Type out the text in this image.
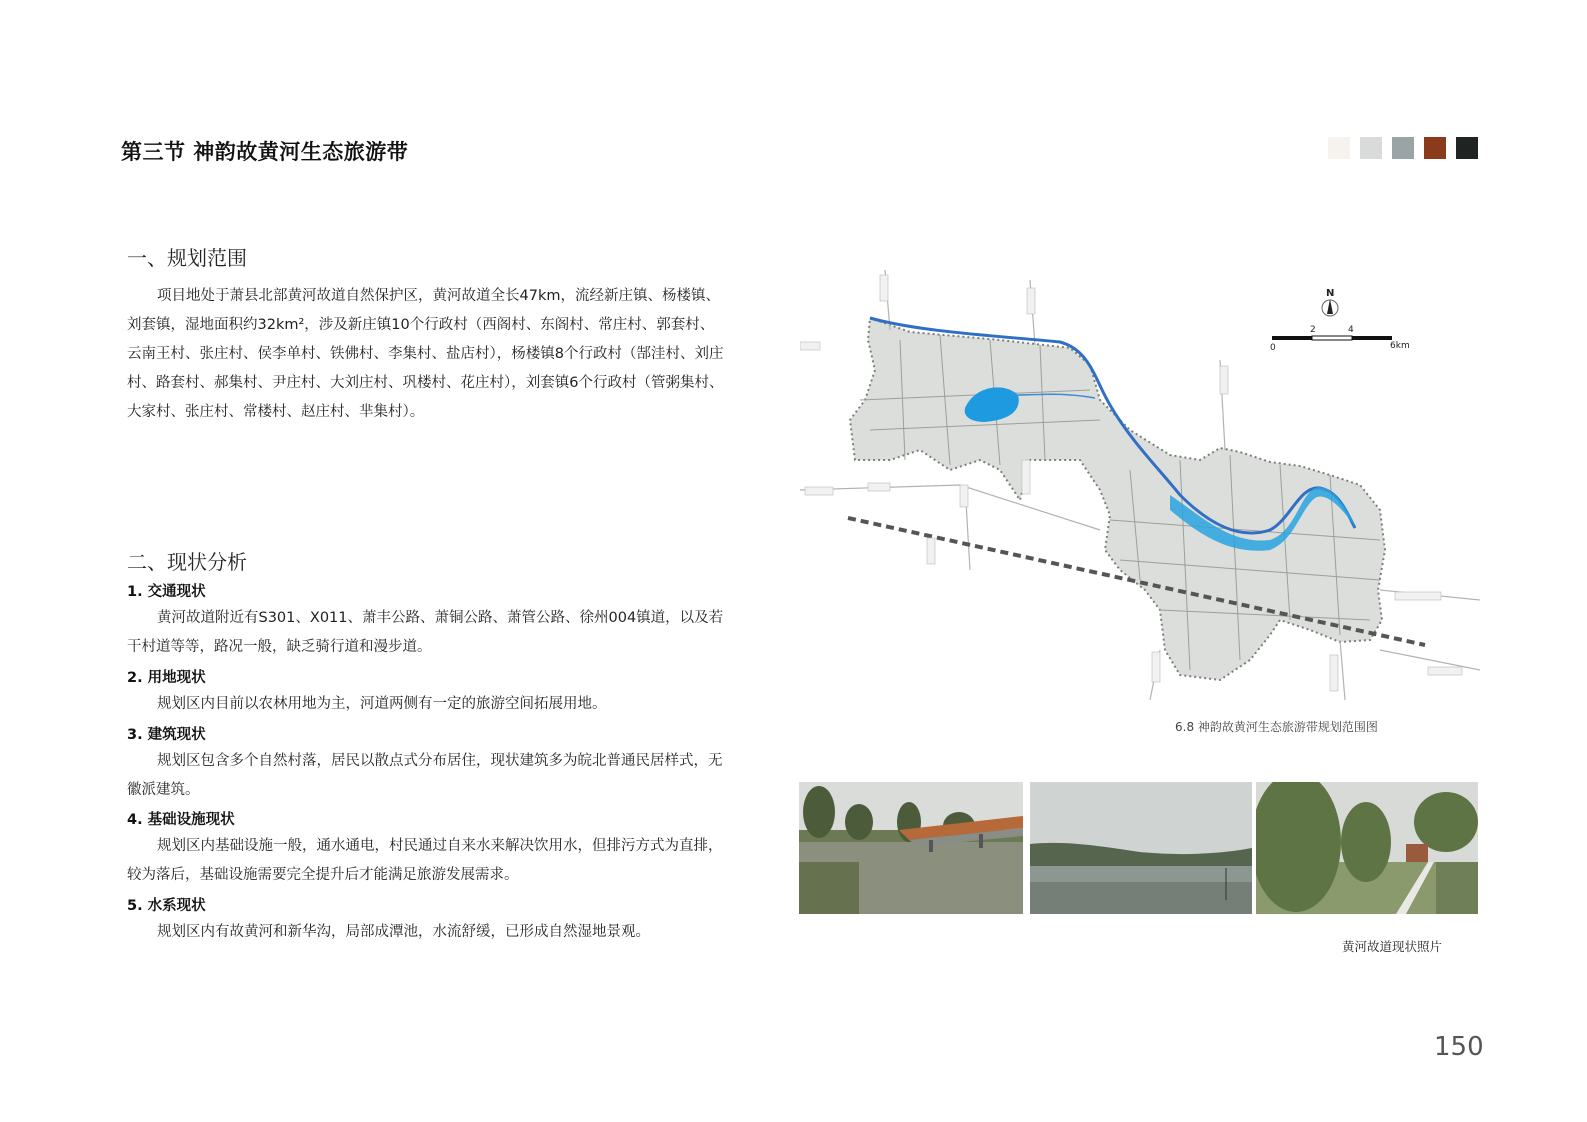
第三节 神韵故黄河生态旅游带
一、规划范围
项目地处于萧县北部黄河故道自然保护区，黄河故道全长47km，流经新庄镇、杨楼镇、刘套镇，湿地面积约32km²，涉及新庄镇10个行政村（西阁村、东阁村、常庄村、郭套村、云南王村、张庄村、侯李单村、铁佛村、李集村、盐店村），杨楼镇8个行政村（郜洼村、刘庄村、路套村、郝集村、尹庄村、大刘庄村、巩楼村、花庄村），刘套镇6个行政村（管粥集村、大家村、张庄村、常楼村、赵庄村、芈集村）。
二、现状分析
1. 交通现状
黄河故道附近有S301、X011、萧丰公路、萧铜公路、萧管公路、徐州004镇道，以及若干村道等等，路况一般，缺乏骑行道和漫步道。
2. 用地现状
规划区内目前以农林用地为主，河道两侧有一定的旅游空间拓展用地。
3. 建筑现状
规划区包含多个自然村落，居民以散点式分布居住，现状建筑多为皖北普通民居样式，无徽派建筑。
4. 基础设施现状
规划区内基础设施一般，通水通电，村民通过自来水来解决饮用水，但排污方式为直排，较为落后，基础设施需要完全提升后才能满足旅游发展需求。
5. 水系现状
规划区内有故黄河和新华沟，局部成潭池，水流舒缓，已形成自然湿地景观。
N
0
2	4
6km
6.8 神韵故黄河生态旅游带规划范围图
黄河故道现状照片
150
